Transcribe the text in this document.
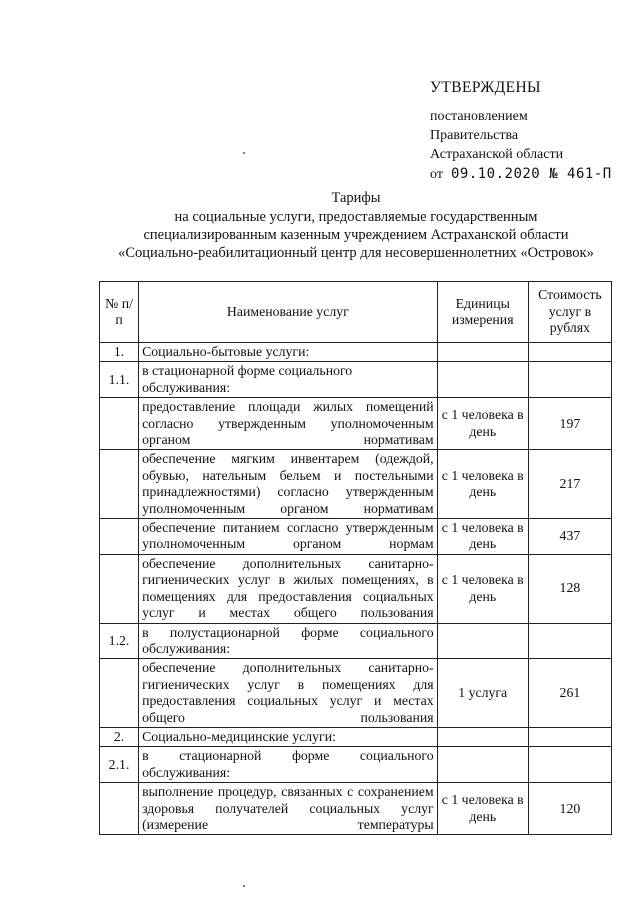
УТВЕРЖДЕНЫ
постановлением
Правительства
Астраханской области
от 09.10.2020 № 461-П
Тарифы
на социальные услуги, предоставляемые государственным
специализированным казенным учреждением Астраханской области
«Социально-реабилитационный центр для несовершеннолетних «Островок»
№ п/п	Наименование услуг	Единицы измерения	Стоимость услуг в рублях
1.	Социально-бытовые услуги:		
1.1.	в стационарной форме социального обслуживания:		
	предоставление площади жилых помещений согласно утвержденным уполномоченным органом нормативам	с 1 человека в день	197
	обеспечение мягким инвентарем (одеждой, обувью, нательным бельем и постельными принадлежностями) согласно утвержденным уполномоченным органом нормативам	с 1 человека в день	217
	обеспечение питанием согласно утвержденным уполномоченным органом нормам	с 1 человека в день	437
	обеспечение дополнительных санитарно-гигиенических услуг в жилых помещениях, в помещениях для предоставления социальных услуг и местах общего пользования	с 1 человека в день	128
1.2.	в полустационарной форме социального обслуживания:		
	обеспечение дополнительных санитарно-гигиенических услуг в помещениях для предоставления социальных услуг и местах общего пользования	1 услуга	261
2.	Социально-медицинские услуги:		
2.1.	в стационарной форме социального обслуживания:		
	выполнение процедур, связанных с сохранением здоровья получателей социальных услуг (измерение температуры	с 1 человека в день	120
